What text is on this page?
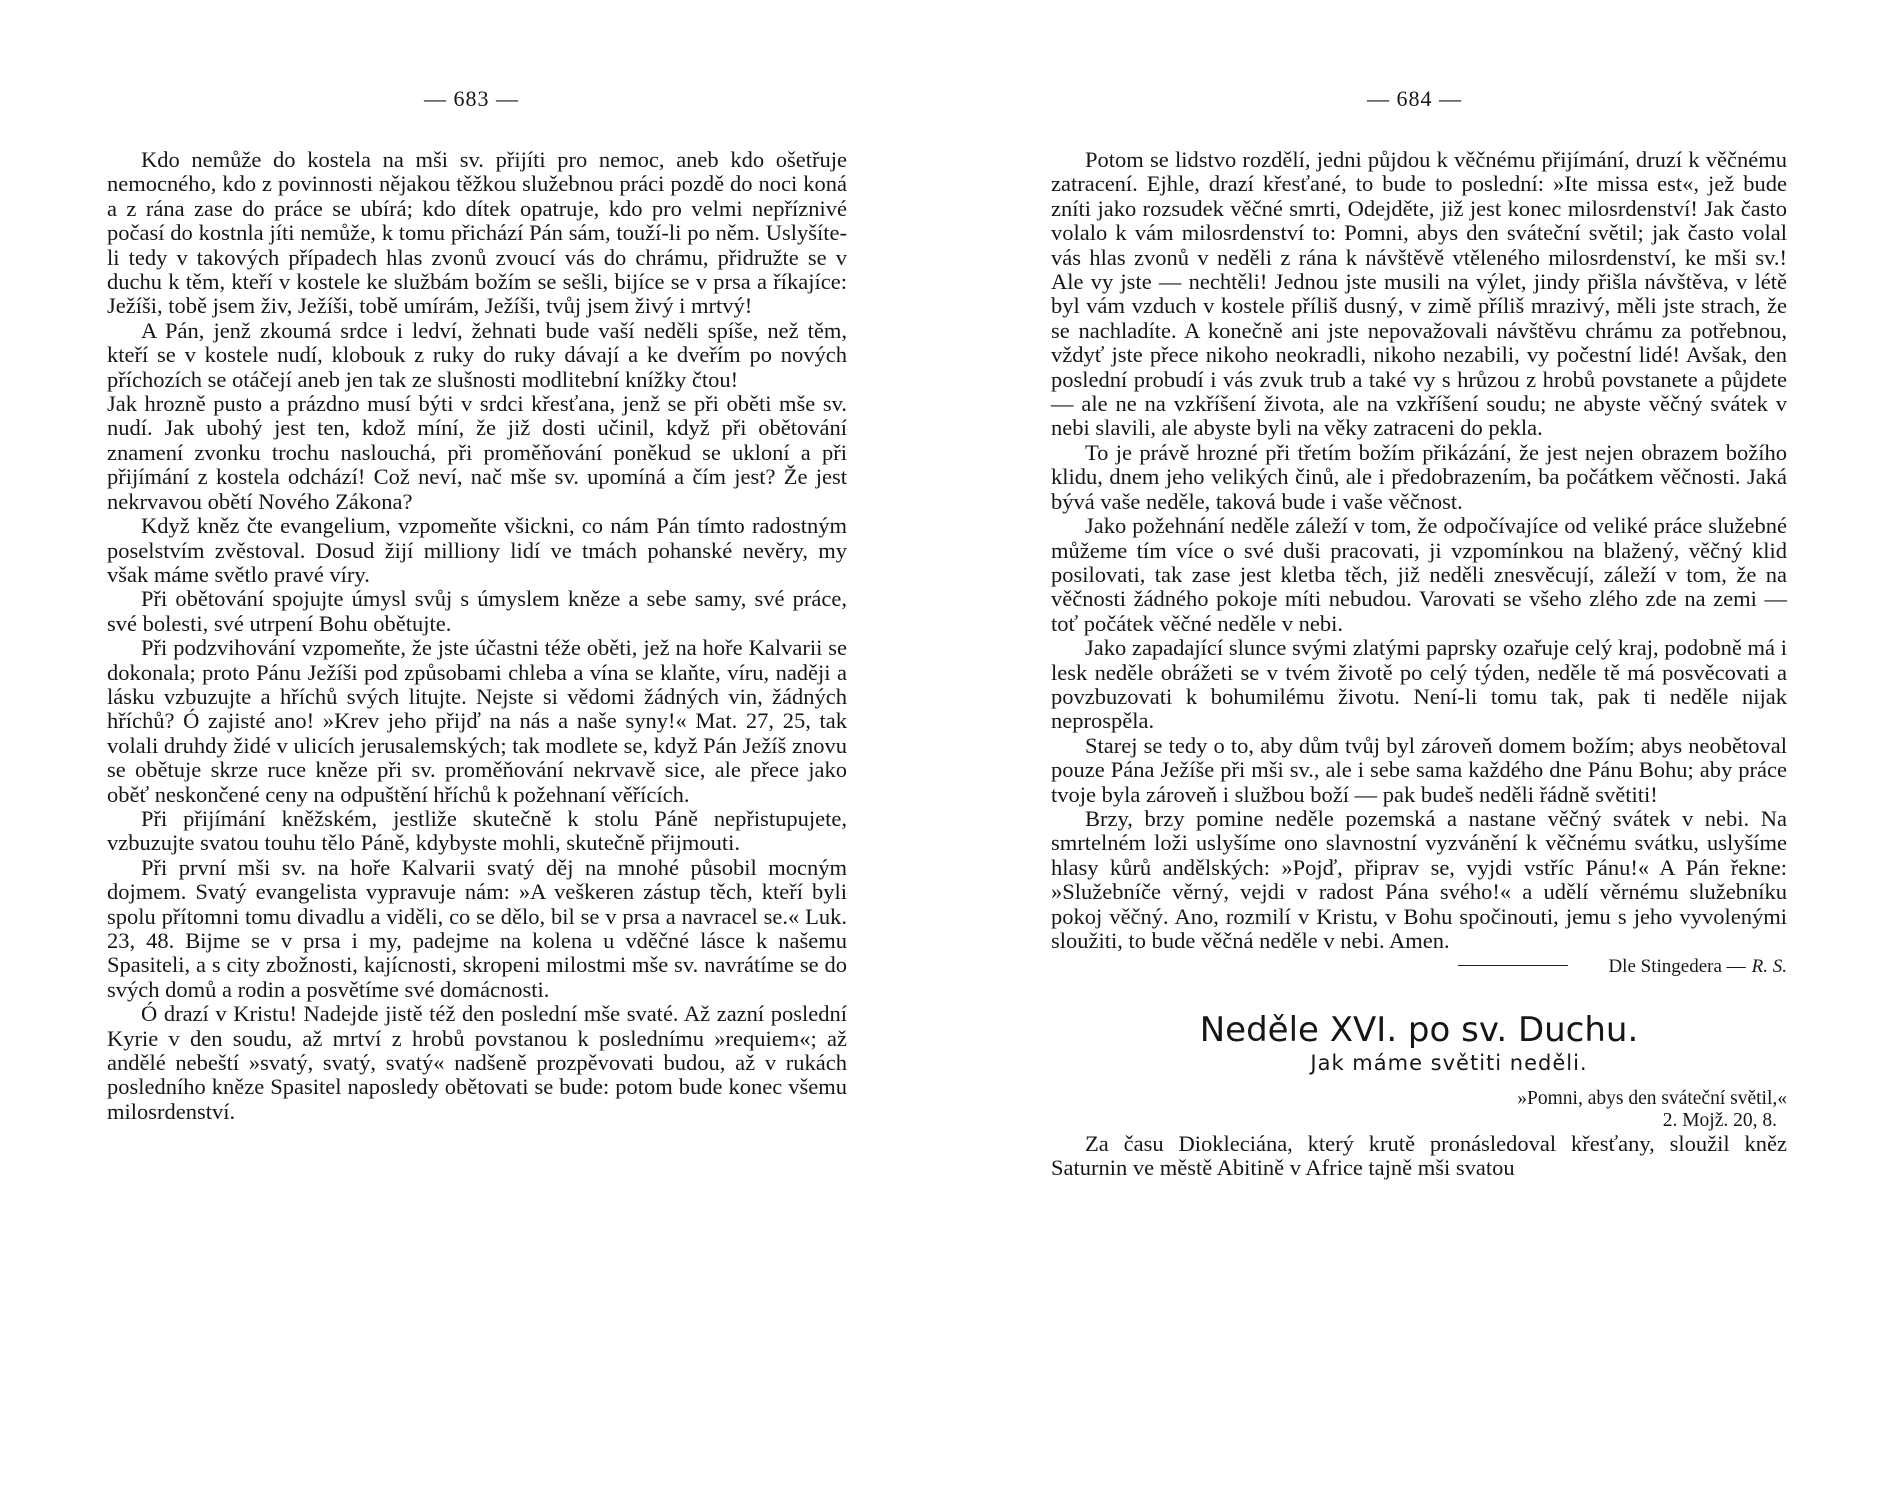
— 683 —

Kdo nemůže do kostela na mši sv. přijíti pro nemoc, aneb kdo ošetřuje nemocného, kdo z povinnosti nějakou těžkou služebnou práci pozdě do noci koná a z rána zase do práce se ubírá; kdo dítek opatruje, kdo pro velmi nepříznivé počasí do kostnla jíti nemůže, k tomu přichází Pán sám, touží-li po něm. Uslyšíte-li tedy v takových případech hlas zvonů zvoucí vás do chrámu, přidružte se v duchu k těm, kteří v kostele ke službám božím se sešli, bijíce se v prsa a říkajíce: Ježíši, tobě jsem živ, Ježíši, tobě umírám, Ježíši, tvůj jsem živý i mrtvý!

A Pán, jenž zkoumá srdce i ledví, žehnati bude vaší neděli spíše, než těm, kteří se v kostele nudí, klobouk z ruky do ruky dávají a ke dveřím po nových příchozích se otáčejí aneb jen tak ze slušnosti modlitební knížky čtou!

Jak hrozně pusto a prázdno musí býti v srdci křesťana, jenž se při oběti mše sv. nudí. Jak ubohý jest ten, kdož míní, že již dosti učinil, když při obětování znamení zvonku trochu naslouchá, při proměňování poněkud se ukloní a při přijímání z kostela odchází! Což neví, nač mše sv. upomíná a čím jest? Že jest nekrvavou obětí Nového Zákona?

Když kněz čte evangelium, vzpomeňte všickni, co nám Pán tímto radostným poselstvím zvěstoval. Dosud žijí milliony lidí ve tmách pohanské nevěry, my však máme světlo pravé víry.

Při obětování spojujte úmysl svůj s úmyslem kněze a sebe samy, své práce, své bolesti, své utrpení Bohu obětujte.

Při podzvihování vzpomeňte, že jste účastni téže oběti, jež na hoře Kalvarii se dokonala; proto Pánu Ježíši pod způsobami chleba a vína se klaňte, víru, naději a lásku vzbuzujte a hříchů svých litujte. Nejste si vědomi žádných vin, žádných hříchů? Ó zajisté ano! »Krev jeho přijď na nás a naše syny!« Mat. 27, 25, tak volali druhdy židé v ulicích jerusalemských; tak modlete se, když Pán Ježíš znovu se obětuje skrze ruce kněze při sv. proměňování nekrvavě sice, ale přece jako oběť neskončené ceny na odpuštění hříchů k požehnaní věřících.

Při přijímání kněžském, jestliže skutečně k stolu Páně nepřistupujete, vzbuzujte svatou touhu tělo Páně, kdybyste mohli, skutečně přijmouti.

Při první mši sv. na hoře Kalvarii svatý děj na mnohé působil mocným dojmem. Svatý evangelista vypravuje nám: »A veškeren zástup těch, kteří byli spolu přítomni tomu divadlu a viděli, co se dělo, bil se v prsa a navracel se.« Luk. 23, 48. Bijme se v prsa i my, padejme na kolena u vděčné lásce k našemu Spasiteli, a s city zbožnosti, kajícnosti, skropeni milostmi mše sv. navrátíme se do svých domů a rodin a posvětíme své domácnosti.

Ó drazí v Kristu! Nadejde jistě též den poslední mše svaté. Až zazní poslední Kyrie v den soudu, až mrtví z hrobů povstanou k poslednímu »requiem«; až andělé nebeští »svatý, svatý, svatý« nadšeně prozpěvovati budou, až v rukách posledního kněze Spasitel naposledy obětovati se bude: potom bude konec všemu milosrdenství.

— 684 —

Potom se lidstvo rozdělí, jedni půjdou k věčnému přijímání, druzí k věčnému zatracení. Ejhle, drazí křesťané, to bude to poslední: »Ite missa est«, jež bude zníti jako rozsudek věčné smrti, Odejděte, již jest konec milosrdenství! Jak často volalo k vám milosrdenství to: Pomni, abys den sváteční světil; jak často volal vás hlas zvonů v neděli z rána k návštěvě vtěleného milosrdenství, ke mši sv.! Ale vy jste — nechtěli! Jednou jste musili na výlet, jindy přišla návštěva, v létě byl vám vzduch v kostele příliš dusný, v zimě příliš mrazivý, měli jste strach, že se nachladíte. A konečně ani jste nepovažovali návštěvu chrámu za potřebnou, vždyť jste přece nikoho neokradli, nikoho nezabili, vy počestní lidé! Avšak, den poslední probudí i vás zvuk trub a také vy s hrůzou z hrobů povstanete a půjdete — ale ne na vzkříšení života, ale na vzkříšení soudu; ne abyste věčný svátek v nebi slavili, ale abyste byli na věky zatraceni do pekla.

To je právě hrozné při třetím božím přikázání, že jest nejen obrazem božího klidu, dnem jeho velikých činů, ale i předobrazením, ba počátkem věčnosti. Jaká bývá vaše neděle, taková bude i vaše věčnost.

Jako požehnání neděle záleží v tom, že odpočívajíce od veliké práce služebné můžeme tím více o své duši pracovati, ji vzpomínkou na blažený, věčný klid posilovati, tak zase jest kletba těch, již neděli znesvěcují, záleží v tom, že na věčnosti žádného pokoje míti nebudou. Varovati se všeho zlého zde na zemi — toť počátek věčné neděle v nebi.

Jako zapadající slunce svými zlatými paprsky ozařuje celý kraj, podobně má i lesk neděle obrážeti se v tvém životě po celý týden, neděle tě má posvěcovati a povzbuzovati k bohumilému životu. Není-li tomu tak, pak ti neděle nijak neprospěla.

Starej se tedy o to, aby dům tvůj byl zároveň domem božím; abys neobětoval pouze Pána Ježíše při mši sv., ale i sebe sama každého dne Pánu Bohu; aby práce tvoje byla zároveň i službou boží — pak budeš neděli řádně světiti!

Brzy, brzy pomine neděle pozemská a nastane věčný svátek v nebi. Na smrtelném loži uslyšíme ono slavnostní vyzvánění k věčnému svátku, uslyšíme hlasy kůrů andělských: »Pojď, připrav se, vyjdi vstříc Pánu!« A Pán řekne: »Služebníče věrný, vejdi v radost Pána svého!« a udělí věrnému služebníku pokoj věčný. Ano, rozmilí v Kristu, v Bohu spočinouti, jemu s jeho vyvolenými sloužiti, to bude věčná neděle v nebi. Amen.

Dle Stingedera — R. S.
Neděle XVI. po sv. Duchu.
Jak máme světiti neděli.
»Pomni, abys den sváteční světil,«
2. Mojž. 20, 8.

Za času Diokleciána, který krutě pronásledoval křesťany, sloužil kněz Saturnin ve městě Abitině v Africe tajně mši svatou
